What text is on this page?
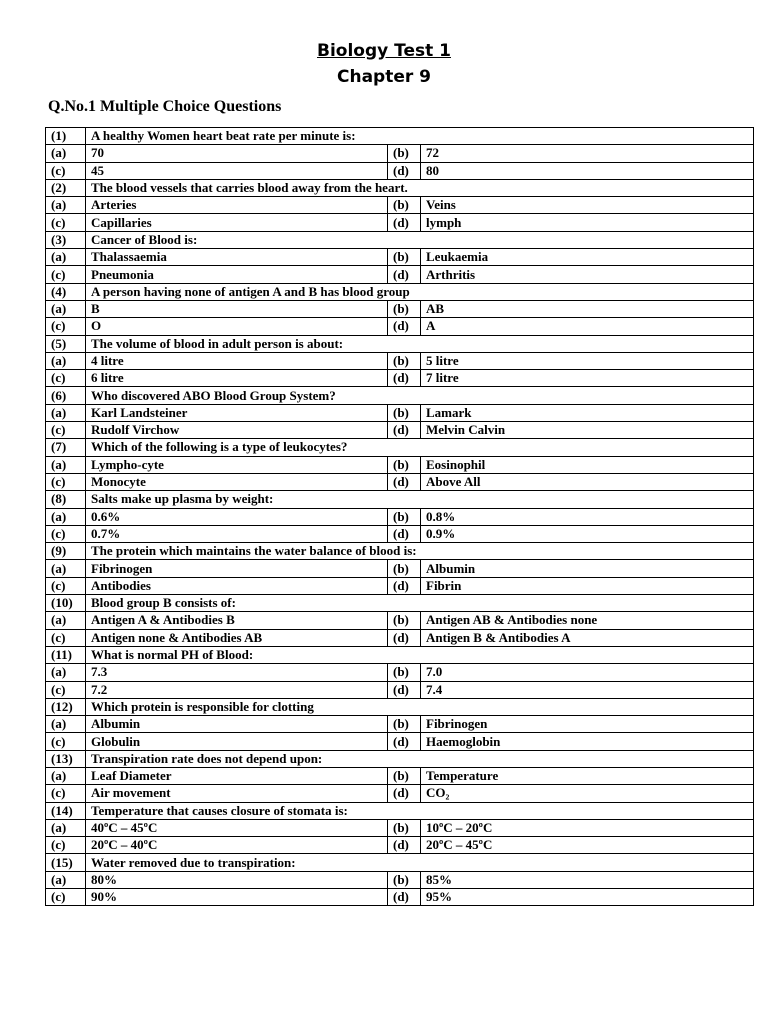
Biology Test 1
Chapter 9
Q.No.1 Multiple Choice Questions
(1)	A healthy Women heart beat rate per minute is:		
(a)	70	(b)	72
(c)	45	(d)	80
(2)	The blood vessels that carries blood away from the heart.		
(a)	Arteries	(b)	Veins
(c)	Capillaries	(d)	lymph
(3)	Cancer of Blood is:		
(a)	Thalassaemia	(b)	Leukaemia
(c)	Pneumonia	(d)	Arthritis
(4)	A person having none of antigen A and B has blood group		
(a)	B	(b)	AB
(c)	O	(d)	A
(5)	The volume of blood in adult person is about:		
(a)	4 litre	(b)	5 litre
(c)	6 litre	(d)	7 litre
(6)	Who discovered ABO Blood Group System?		
(a)	Karl Landsteiner	(b)	Lamark
(c)	Rudolf Virchow	(d)	Melvin Calvin
(7)	Which of the following is a type of leukocytes?		
(a)	Lympho-cyte	(b)	Eosinophil
(c)	Monocyte	(d)	Above All
(8)	Salts make up plasma by weight:		
(a)	0.6%	(b)	0.8%
(c)	0.7%	(d)	0.9%
(9)	The protein which maintains the water balance of blood is:		
(a)	Fibrinogen	(b)	Albumin
(c)	Antibodies	(d)	Fibrin
(10)	Blood group B consists of:		
(a)	Antigen A & Antibodies B	(b)	Antigen AB & Antibodies none
(c)	Antigen none & Antibodies AB	(d)	Antigen B & Antibodies A
(11)	What is normal PH of Blood:		
(a)	7.3	(b)	7.0
(c)	7.2	(d)	7.4
(12)	Which protein is responsible for clotting		
(a)	Albumin	(b)	Fibrinogen
(c)	Globulin	(d)	Haemoglobin
(13)	Transpiration rate does not depend upon:		
(a)	Leaf Diameter	(b)	Temperature
(c)	Air movement	(d)	CO₂
(14)	Temperature that causes closure of stomata is:		
(a)	40ºC – 45ºC	(b)	10ºC – 20ºC
(c)	20ºC – 40ºC	(d)	20ºC – 45ºC
(15)	Water removed due to transpiration:		
(a)	80%	(b)	85%
(c)	90%	(d)	95%
